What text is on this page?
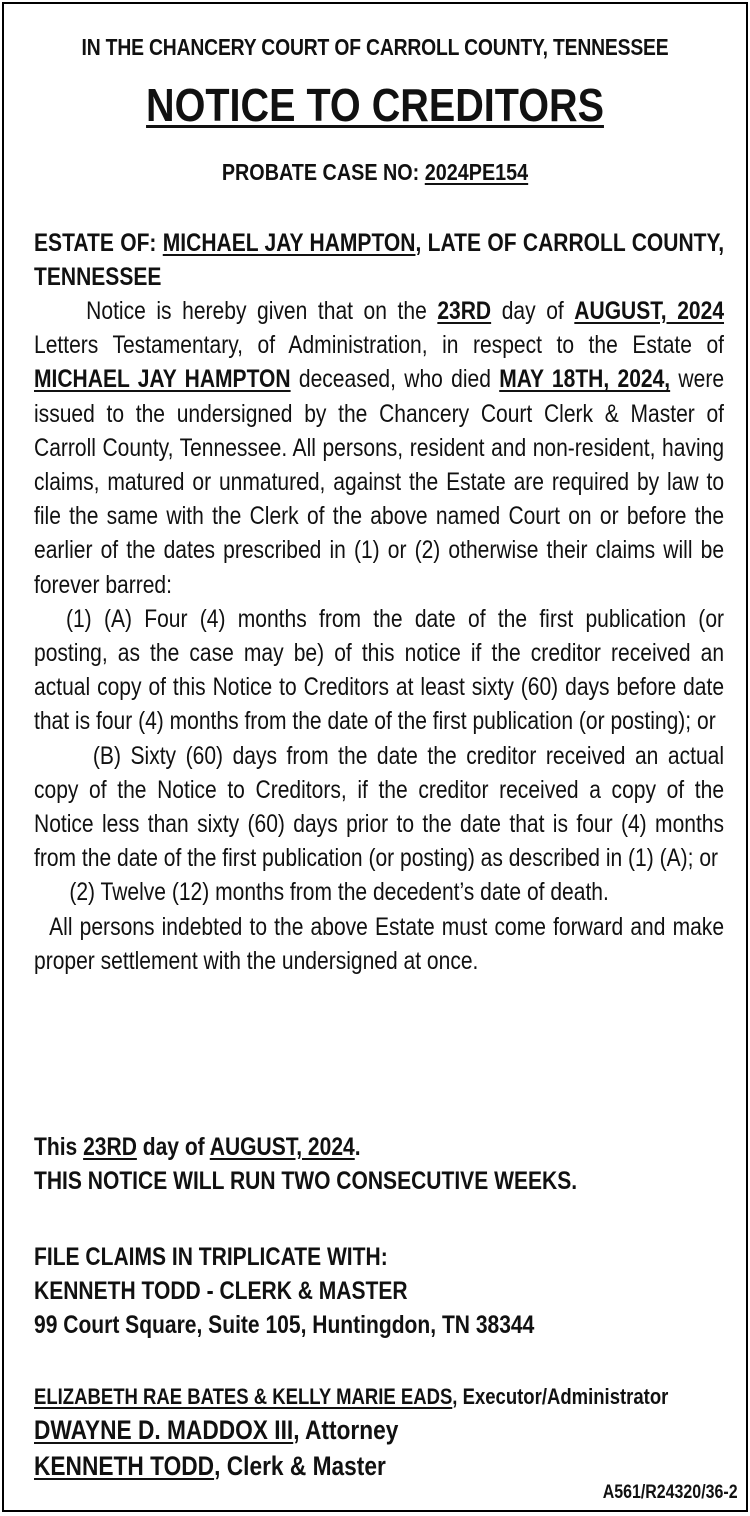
IN THE CHANCERY COURT OF CARROLL COUNTY, TENNESSEE
NOTICE TO CREDITORS
PROBATE CASE NO: 2024PE154

ESTATE OF: MICHAEL JAY HAMPTON, LATE OF CARROLL COUNTY, TENNESSEE

Notice is hereby given that on the 23RD day of AUGUST, 2024 Letters Testamentary, of Administration, in respect to the Estate of MICHAEL JAY HAMPTON deceased, who died MAY 18TH, 2024, were issued to the undersigned by the Chancery Court Clerk & Master of Carroll County, Tennessee. All persons, resident and non-resident, having claims, matured or unmatured, against the Estate are required by law to file the same with the Clerk of the above named Court on or before the earlier of the dates prescribed in (1) or (2) otherwise their claims will be forever barred:

(1) (A) Four (4) months from the date of the first publication (or posting, as the case may be) of this notice if the creditor received an actual copy of this Notice to Creditors at least sixty (60) days before date that is four (4) months from the date of the first publication (or posting); or

(B) Sixty (60) days from the date the creditor received an actual copy of the Notice to Creditors, if the creditor received a copy of the Notice less than sixty (60) days prior to the date that is four (4) months from the date of the first publication (or posting) as described in (1) (A); or

(2) Twelve (12) months from the decedent’s date of death.

All persons indebted to the above Estate must come forward and make proper settlement with the undersigned at once.

This 23RD day of AUGUST, 2024.
THIS NOTICE WILL RUN TWO CONSECUTIVE WEEKS.
FILE CLAIMS IN TRIPLICATE WITH:
KENNETH TODD - CLERK & MASTER
99 Court Square, Suite 105, Huntingdon, TN 38344
ELIZABETH RAE BATES & KELLY MARIE EADS, Executor/Administrator
DWAYNE D. MADDOX III, Attorney
KENNETH TODD, Clerk & Master
A561/R24320/36-2
